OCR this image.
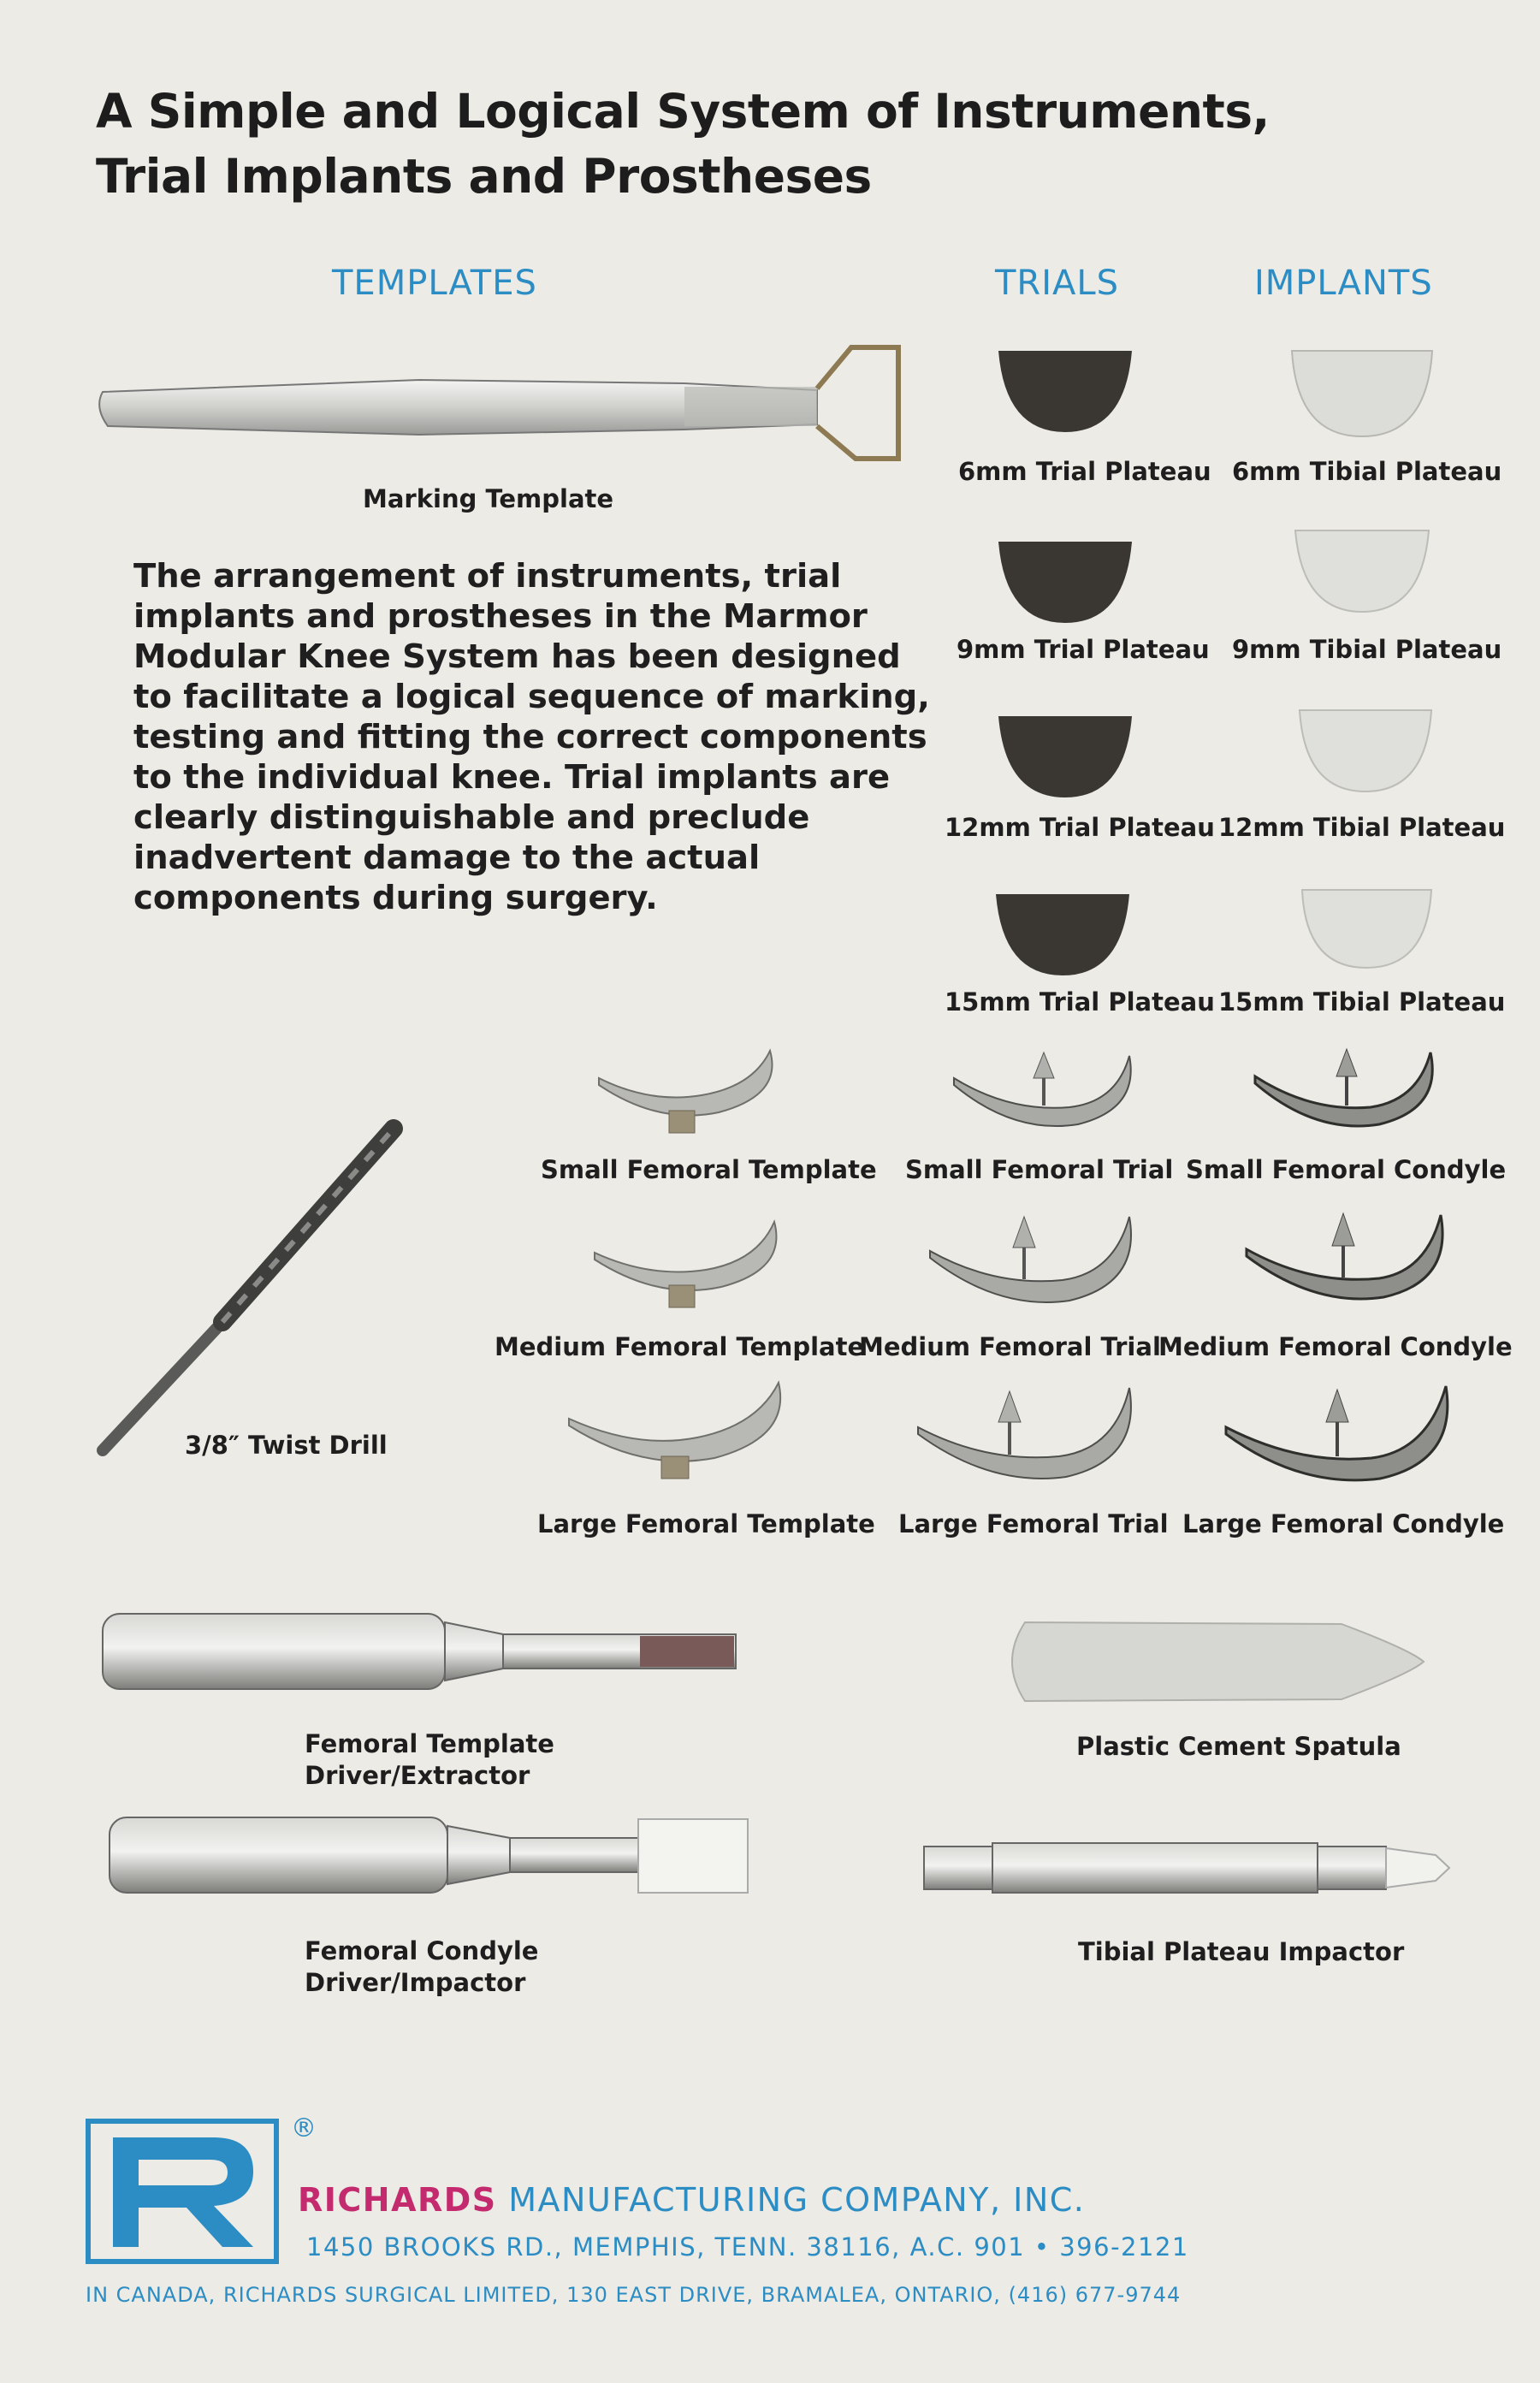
A Simple and Logical System of Instruments,
Trial Implants and Prostheses
TEMPLATES	TRIALS	IMPLANTS
Marking Template
The arrangement of instruments, trial implants and prostheses in the Marmor Modular Knee System has been designed to facilitate a logical sequence of marking, testing and fitting the correct components to the individual knee. Trial implants are clearly distinguishable and preclude inadvertent damage to the actual components during surgery.
6mm Trial Plateau
9mm Trial Plateau
12mm Trial Plateau
15mm Trial Plateau
6mm Tibial Plateau
9mm Tibial Plateau
12mm Tibial Plateau
15mm Tibial Plateau
Small Femoral Template
Medium Femoral Template
Large Femoral Template
Small Femoral Trial
Medium Femoral Trial
Large Femoral Trial
Small Femoral Condyle
Medium Femoral Condyle
Large Femoral Condyle
3/8″ Twist Drill
Femoral Template
Driver/Extractor
Femoral Condyle
Driver/Impactor
Plastic Cement Spatula
Tibial Plateau Impactor
®
RICHARDS MANUFACTURING COMPANY, INC.
1450 BROOKS RD., MEMPHIS, TENN. 38116, A.C. 901 • 396-2121
IN CANADA, RICHARDS SURGICAL LIMITED, 130 EAST DRIVE, BRAMALEA, ONTARIO, (416) 677-9744
